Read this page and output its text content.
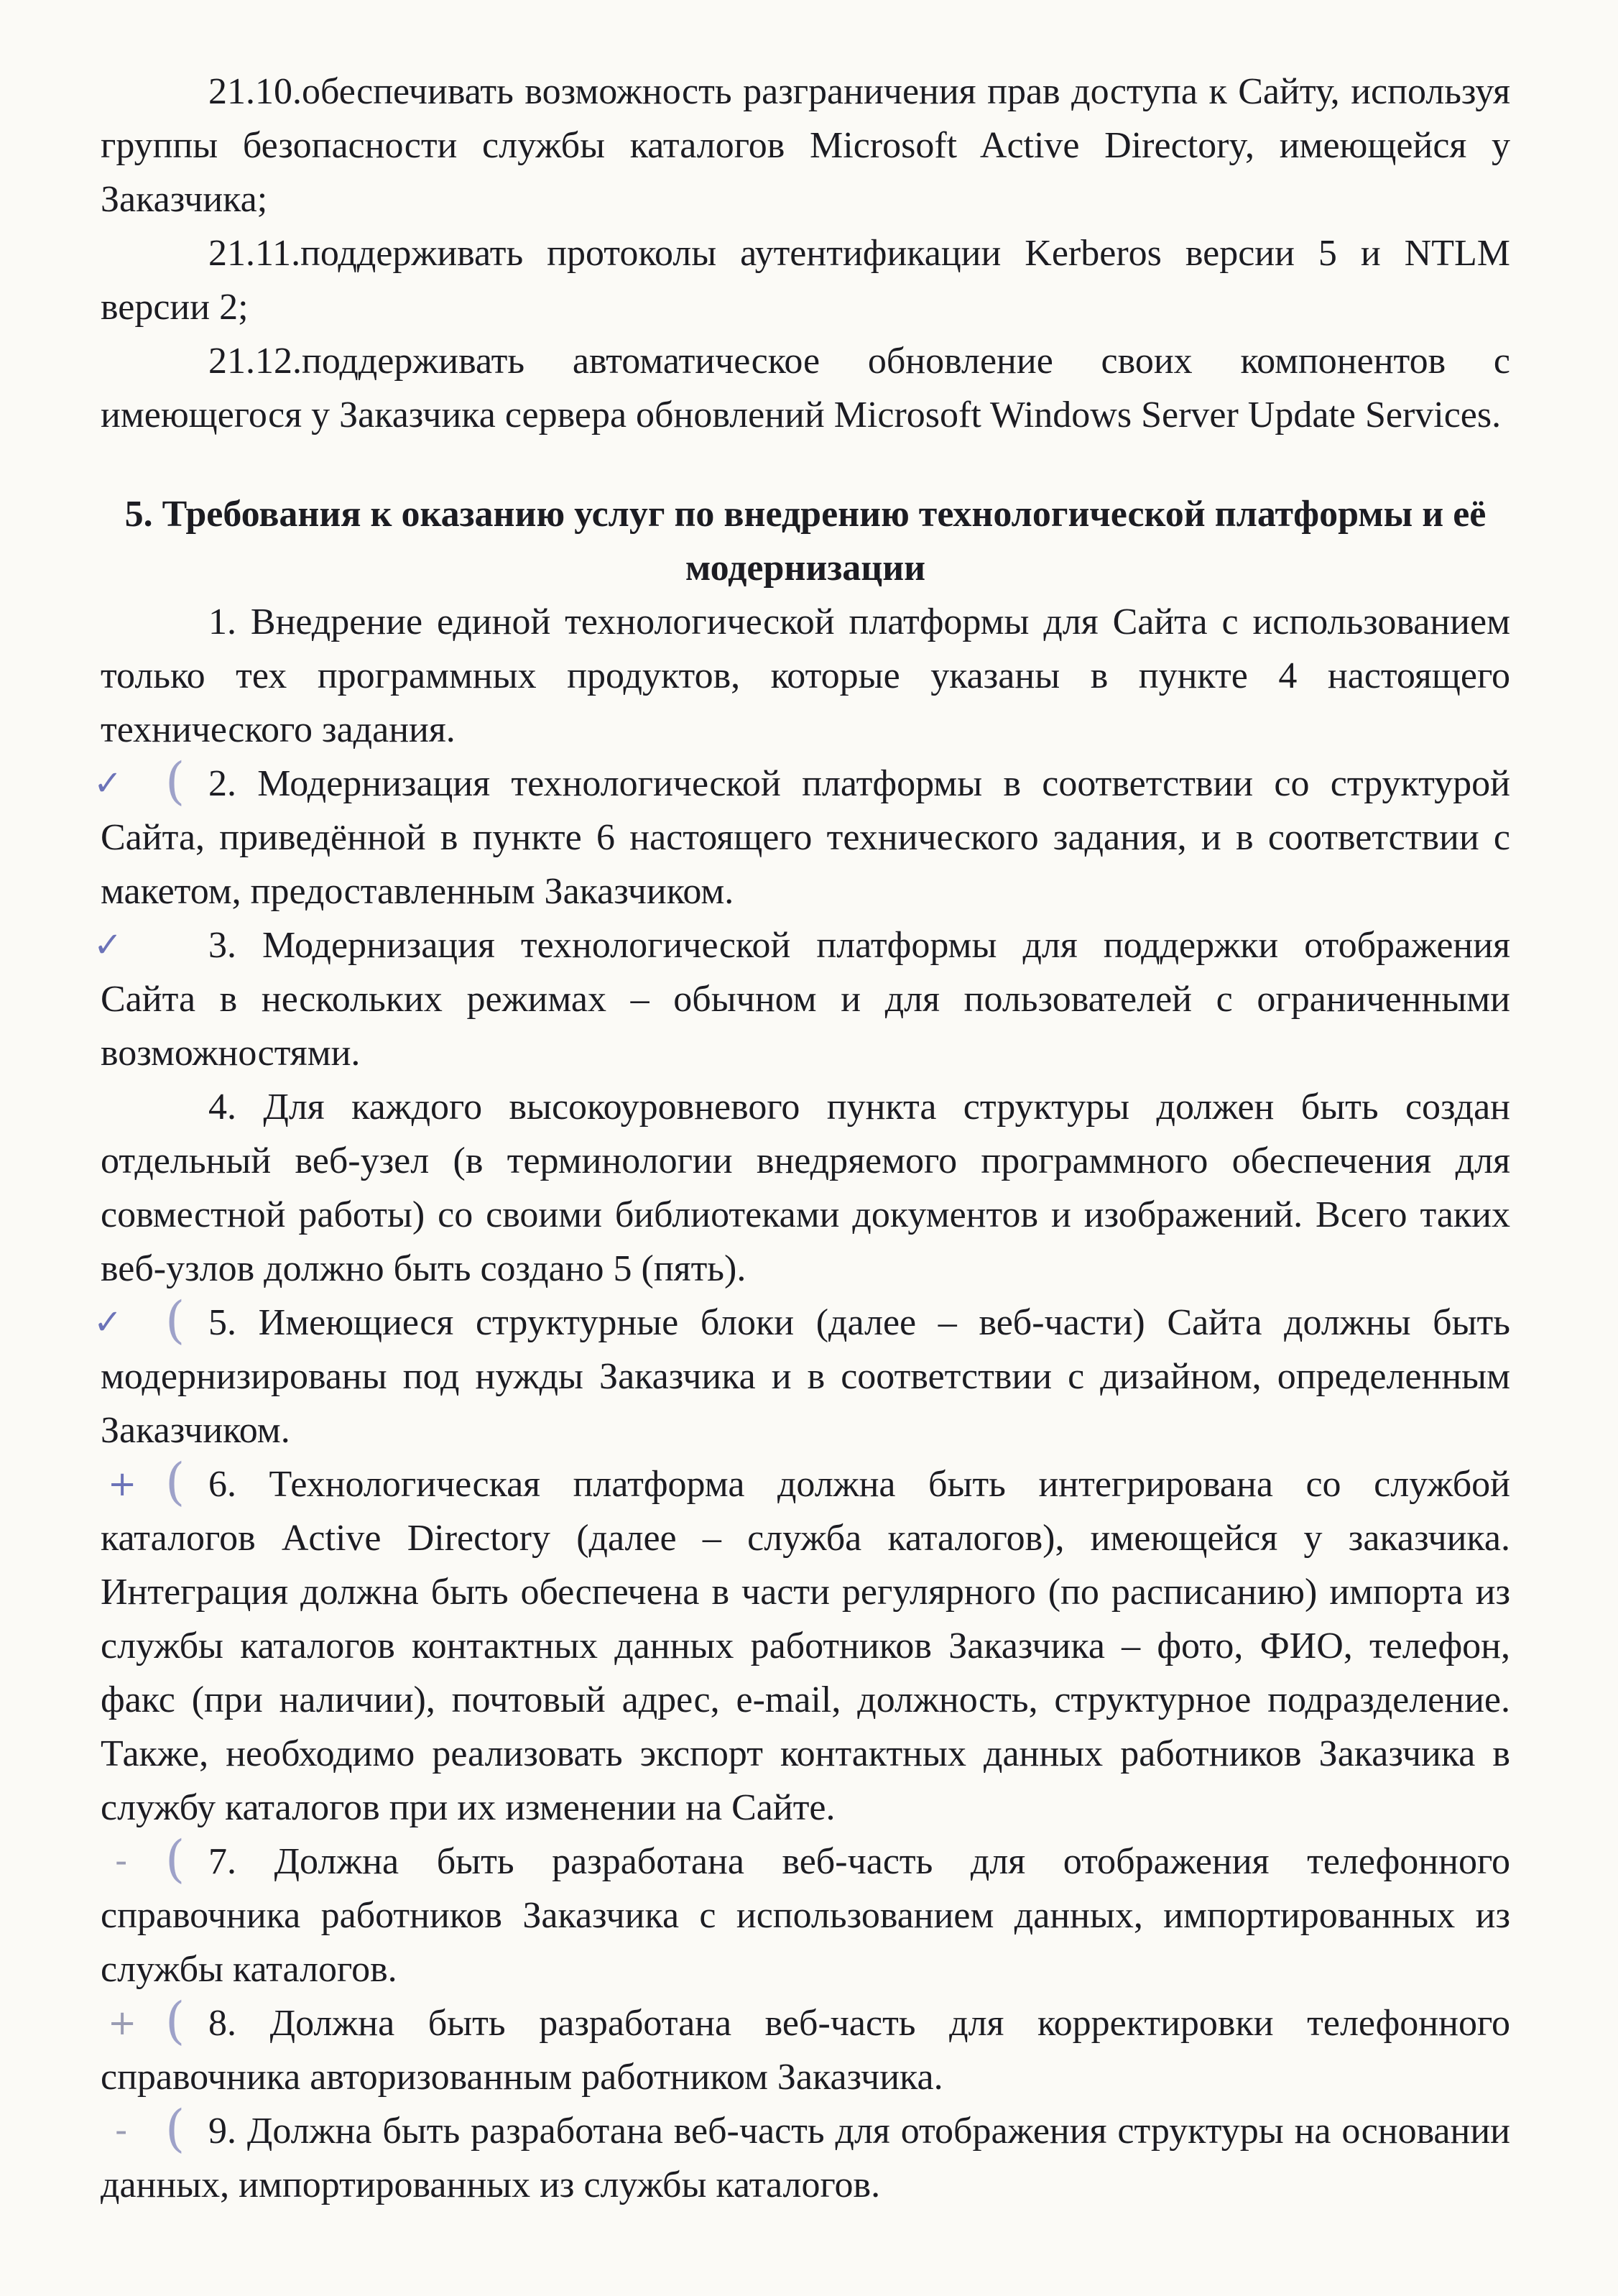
21.10.обеспечивать возможность разграничения прав доступа к Сайту, используя группы безопасности службы каталогов Microsoft Active Directory, имеющейся у Заказчика;

21.11.поддерживать протоколы аутентификации Kerberos версии 5 и NTLM версии 2;

21.12.поддерживать автоматическое обновление своих компонентов с имеющегося у Заказчика сервера обновлений Microsoft Windows Server Update Services.

5. Требования к оказанию услуг по внедрению технологической платформы и её модернизации

1. Внедрение единой технологической платформы для Сайта с использованием только тех программных продуктов, которые указаны в пункте 4 настоящего технического задания.

✓ ( 2. Модернизация технологической платформы в соответствии со структурой Сайта, приведённой в пункте 6 настоящего технического задания, и в соответствии с макетом, предоставленным Заказчиком.

✓	3. Модернизация технологической платформы для поддержки отображения Сайта в нескольких режимах – обычном и для пользователей с ограниченными возможностями.

4. Для каждого высокоуровневого пункта структуры должен быть создан отдельный веб-узел (в терминологии внедряемого программного обеспечения для совместной работы) со своими библиотеками документов и изображений. Всего таких веб-узлов должно быть создано 5 (пять).

✓ ( 5. Имеющиеся структурные блоки (далее – веб-части) Сайта должны быть модернизированы под нужды Заказчика и в соответствии с дизайном, определенным Заказчиком.

+ ( 6. Технологическая платформа должна быть интегрирована со службой каталогов Active Directory (далее – служба каталогов), имеющейся у заказчика. Интеграция должна быть обеспечена в части регулярного (по расписанию) импорта из службы каталогов контактных данных работников Заказчика – фото, ФИО, телефон, факс (при наличии), почтовый адрес, e-mail, должность, структурное подразделение. Также, необходимо реализовать экспорт контактных данных работников Заказчика в службу каталогов при их изменении на Сайте.

- ( 7. Должна быть разработана веб-часть для отображения телефонного справочника работников Заказчика с использованием данных, импортированных из службы каталогов.

+ ( 8. Должна быть разработана веб-часть для корректировки телефонного справочника авторизованным работником Заказчика.

- ( 9. Должна быть разработана веб-часть для отображения структуры на основании данных, импортированных из службы каталогов.
